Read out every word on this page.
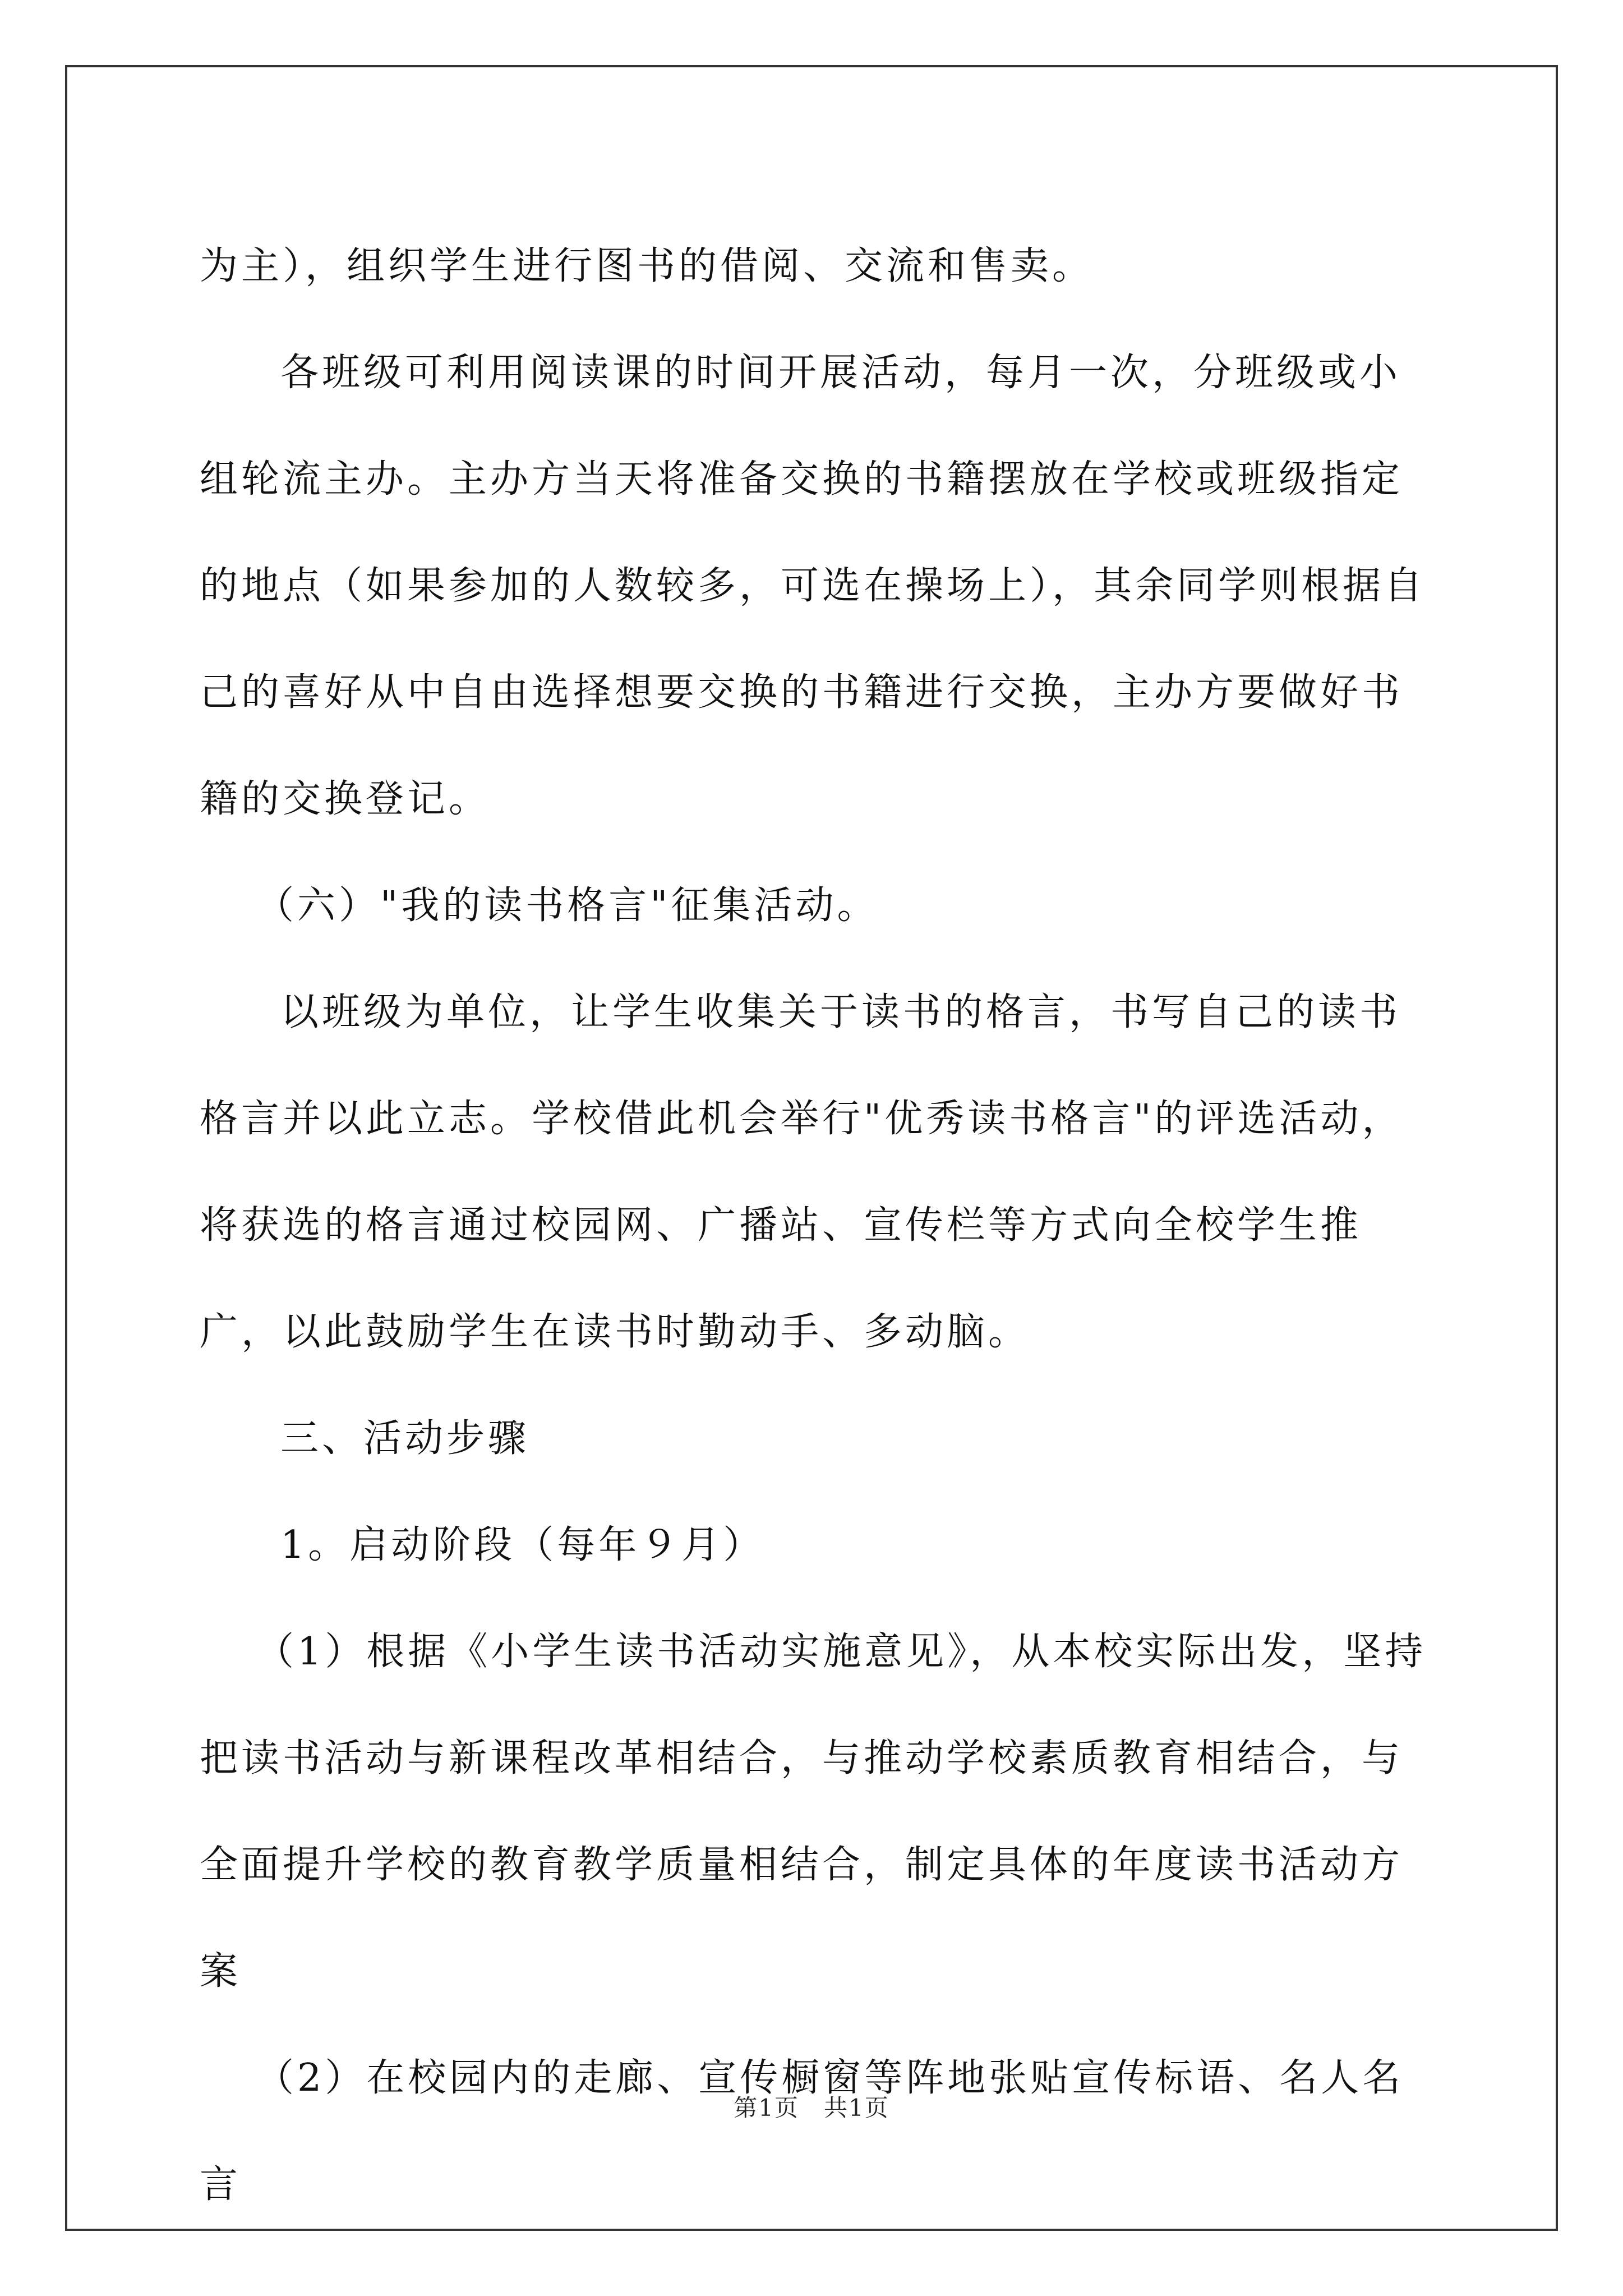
为主），组织学生进行图书的借阅、交流和售卖。

各班级可利用阅读课的时间开展活动，每月一次，分班级或小组轮流主办。主办方当天将准备交换的书籍摆放在学校或班级指定的地点（如果参加的人数较多，可选在操场上），其余同学则根据自己的喜好从中自由选择想要交换的书籍进行交换，主办方要做好书籍的交换登记。

（六）"我的读书格言"征集活动。

以班级为单位，让学生收集关于读书的格言，书写自己的读书格言并以此立志。学校借此机会举行"优秀读书格言"的评选活动，将获选的格言通过校园网、广播站、宣传栏等方式向全校学生推广，以此鼓励学生在读书时勤动手、多动脑。

三、活动步骤

1。启动阶段（每年９月）

（1）根据《小学生读书活动实施意见》，从本校实际出发，坚持把读书活动与新课程改革相结合，与推动学校素质教育相结合，与全面提升学校的教育教学质量相结合，制定具体的年度读书活动方案

（2）在校园内的走廊、宣传橱窗等阵地张贴宣传标语、名人名言

第1页　共1页
